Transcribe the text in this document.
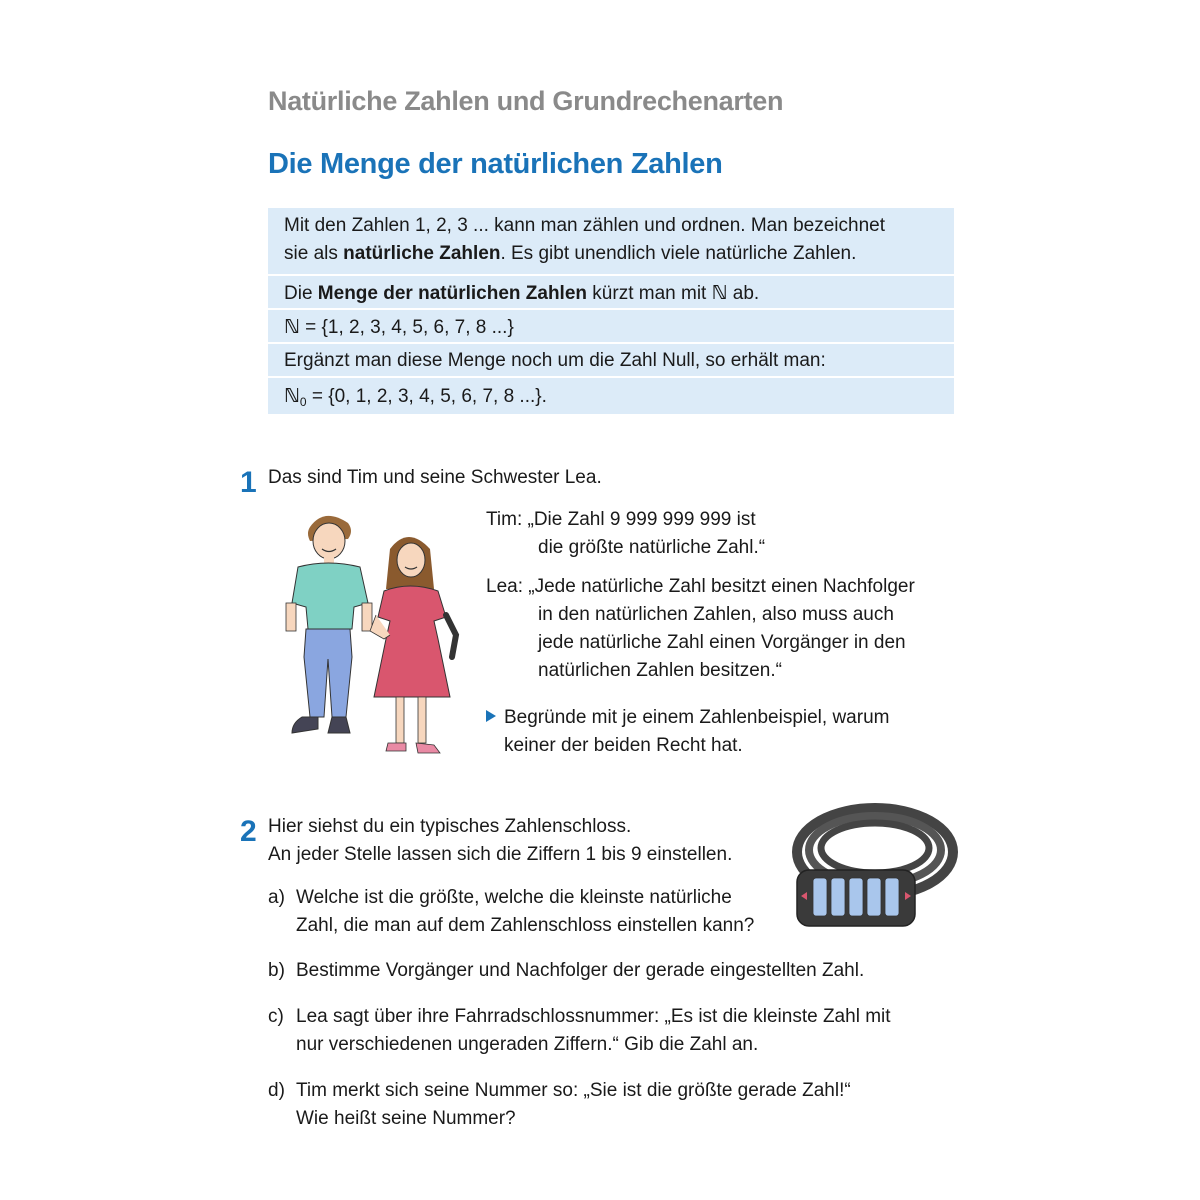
Natürliche Zahlen und Grundrechenarten
Die Menge der natürlichen Zahlen
Mit den Zahlen 1, 2, 3 ... kann man zählen und ordnen. Man bezeichnet
sie als natürliche Zahlen. Es gibt unendlich viele natürliche Zahlen.
Die Menge der natürlichen Zahlen kürzt man mit ℕ ab.
ℕ = {1, 2, 3, 4, 5, 6, 7, 8 ...}
Ergänzt man diese Menge noch um die Zahl Null, so erhält man:
ℕ$_0$ = {0, 1, 2, 3, 4, 5, 6, 7, 8 ...}.
1 Das sind Tim und seine Schwester Lea.
Tim: „Die Zahl 9 999 999 999 ist
die größte natürliche Zahl.“
Lea: „Jede natürliche Zahl besitzt einen Nachfolger
in den natürlichen Zahlen, also muss auch
jede natürliche Zahl einen Vorgänger in den
natürlichen Zahlen besitzen.“
Begründe mit je einem Zahlenbeispiel, warum
keiner der beiden Recht hat.
2 Hier siehst du ein typisches Zahlenschloss.
An jeder Stelle lassen sich die Ziffern 1 bis 9 einstellen.
a) Welche ist die größte, welche die kleinste natürliche
Zahl, die man auf dem Zahlenschloss einstellen kann?
b) Bestimme Vorgänger und Nachfolger der gerade eingestellten Zahl.
c) Lea sagt über ihre Fahrradschlossnummer: „Es ist die kleinste Zahl mit
nur verschiedenen ungeraden Ziffern.“ Gib die Zahl an.
d) Tim merkt sich seine Nummer so: „Sie ist die größte gerade Zahl!“
Wie heißt seine Nummer?
